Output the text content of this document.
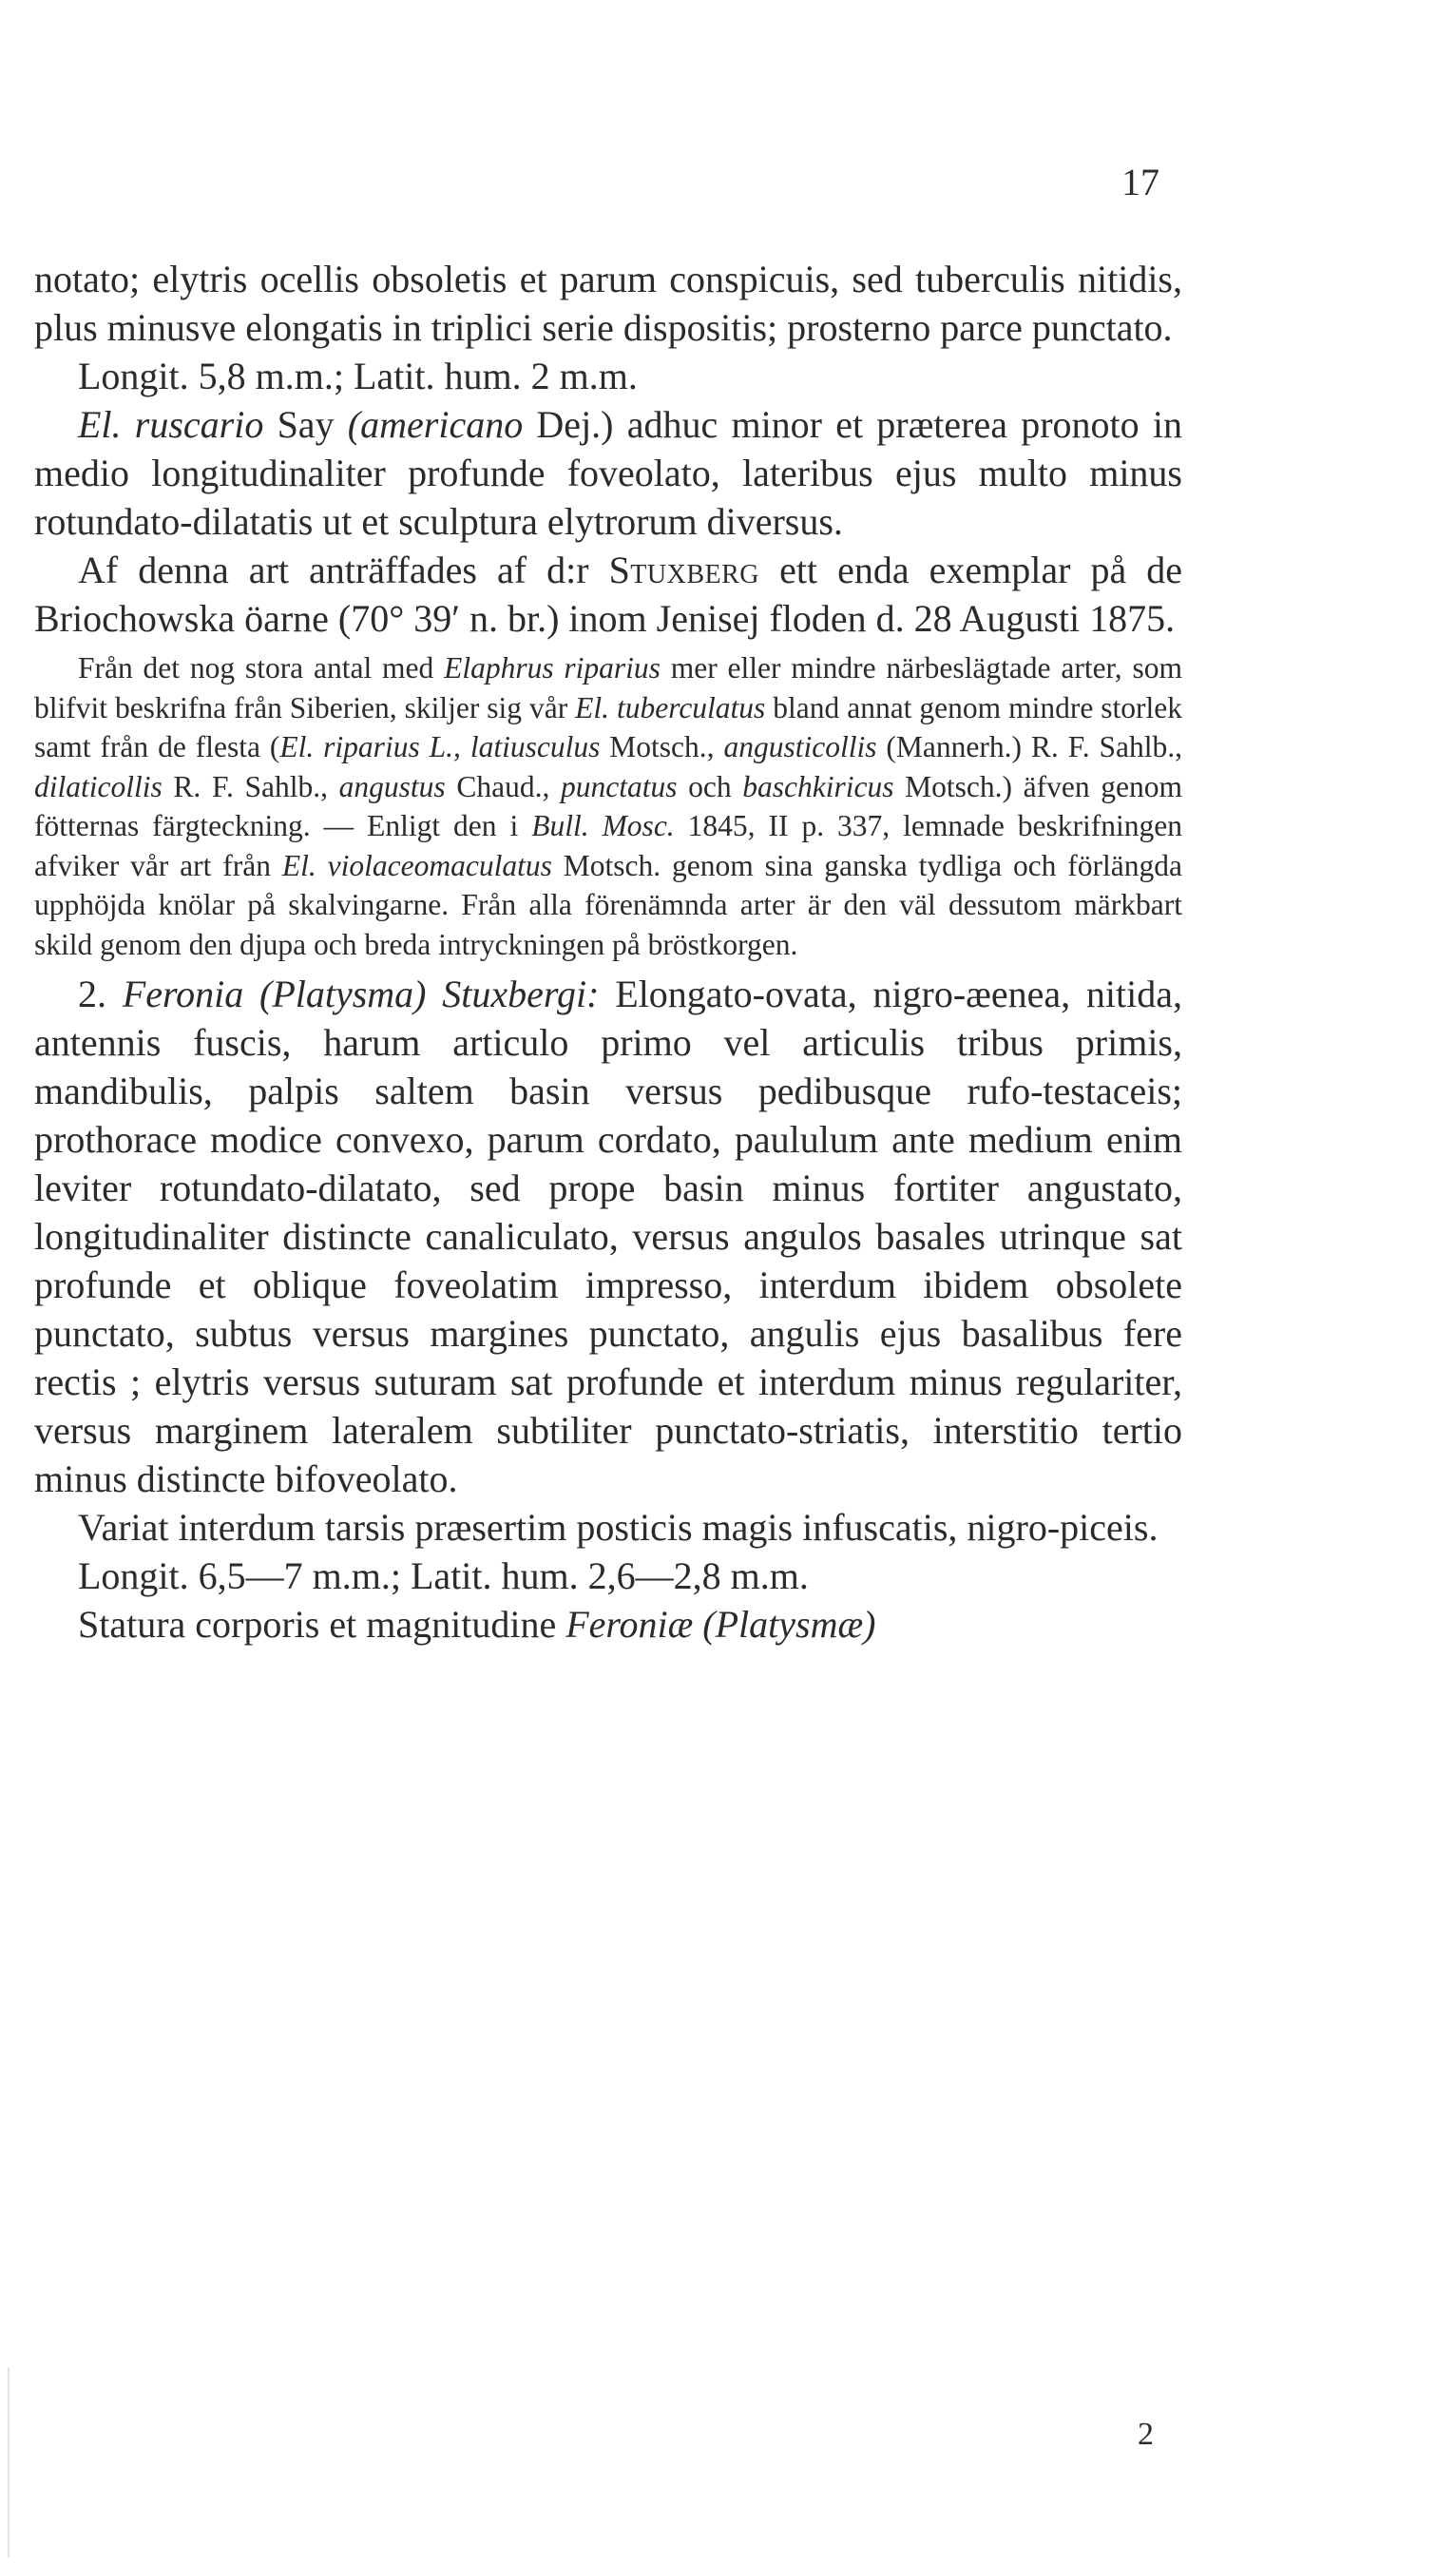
17

notato; elytris ocellis obsoletis et parum conspicuis, sed tuberculis nitidis, plus minusve elongatis in triplici serie dispositis; prosterno parce punctato.

Longit. 5,8 m.m.; Latit. hum. 2 m.m.

El. ruscario Say (americano Dej.) adhuc minor et præterea pronoto in medio longitudinaliter profunde foveolato, lateribus ejus multo minus rotundato-dilatatis ut et sculptura elytrorum diversus.

Af denna art anträffades af d:r Stuxberg ett enda exemplar på de Briochowska öarne (70° 39′ n. br.) inom Jenisej floden d. 28 Augusti 1875.

Från det nog stora antal med Elaphrus riparius mer eller mindre närbeslägtade arter, som blifvit beskrifna från Siberien, skiljer sig vår El. tuberculatus bland annat genom mindre storlek samt från de flesta (El. riparius L., latiusculus Motsch., angusticollis (Mannerh.) R. F. Sahlb., dilaticollis R. F. Sahlb., angustus Chaud., punctatus och baschkiricus Motsch.) äfven genom fötternas färgteckning. — Enligt den i Bull. Mosc. 1845, II p. 337, lemnade beskrifningen afviker vår art från El. violaceomaculatus Motsch. genom sina ganska tydliga och förlängda upphöjda knölar på skalvingarne. Från alla förenämnda arter är den väl dessutom märkbart skild genom den djupa och breda intryckningen på bröstkorgen.

2. Feronia (Platysma) Stuxbergi: Elongato-ovata, nigro-æenea, nitida, antennis fuscis, harum articulo primo vel articulis tribus primis, mandibulis, palpis saltem basin versus pedibusque rufo-testaceis; prothorace modice convexo, parum cordato, paululum ante medium enim leviter rotundato-dilatato, sed prope basin minus fortiter angustato, longitudinaliter distincte canaliculato, versus angulos basales utrinque sat profunde et oblique foveolatim impresso, interdum ibidem obsolete punctato, subtus versus margines punctato, angulis ejus basalibus fere rectis ; elytris versus suturam sat profunde et interdum minus regulariter, versus marginem lateralem subtiliter punctato-striatis, interstitio tertio minus distincte bifoveolato.

Variat interdum tarsis præsertim posticis magis infuscatis, nigro-piceis.

Longit. 6,5—7 m.m.; Latit. hum. 2,6—2,8 m.m.

Statura corporis et magnitudine Feroniæ (Platysmæ)

2
